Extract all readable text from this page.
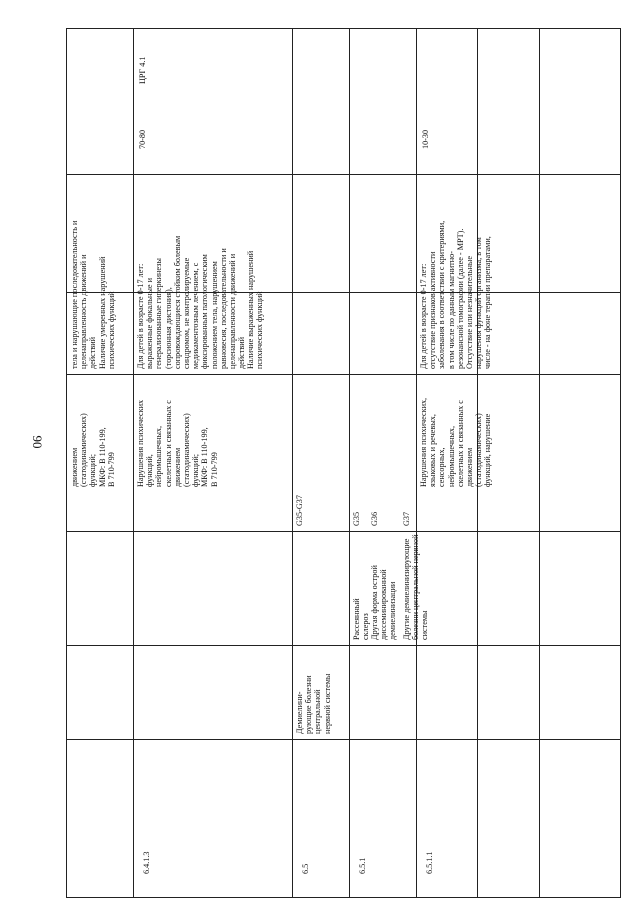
90
движением (статодинамических) функций; МКФ: B 110-199, B 710-799
тела и нарушающие последовательность и целенаправленность движений и действий Наличие умеренных нарушений психических функций
6.4.1.3
Нарушения психических функций, нейромышечных, скелетных и связанных с движением (статодинамических) функций; МКФ: B 110-199, B 710-799
Для детей в возрасте 0-17 лет: выраженные фокальные и генерализованные гиперкинезы (торсионная дистония), сопровождающиеся стойким болевым синдромом, не контролируемые медикаментозным лечением, с фиксированным патологическим положением тела, нарушением равновесия, последовательности и целенаправленности движений и действий Наличие выраженных нарушений психических функций
70-80
ЦРГ 4.1
6.5
Демиелини-
рующие болезни
центральной
нервной системы
G35-G37
6.5.1
Рассеянный склероз
G35
Другая форма острой диссеминированной демиелинизации
G36
Другие демиелинизирующие болезни центральной нервной системы
G37
6.5.1.1
Нарушения психических, языковых и речевых, сенсорных, нейромышечных, скелетных и связанных с движением (статодинамических) функций, нарушение
Для детей в возрасте 0-17 лет: отсутствие признаков активности заболевания в соответствии с критериями, в том числе по данным магнитно- резонансной томографии (далее - МРТ). Отсутствие или незначительные нарушения функций организма, в том числе - на фоне терапии препаратами,
10-30
